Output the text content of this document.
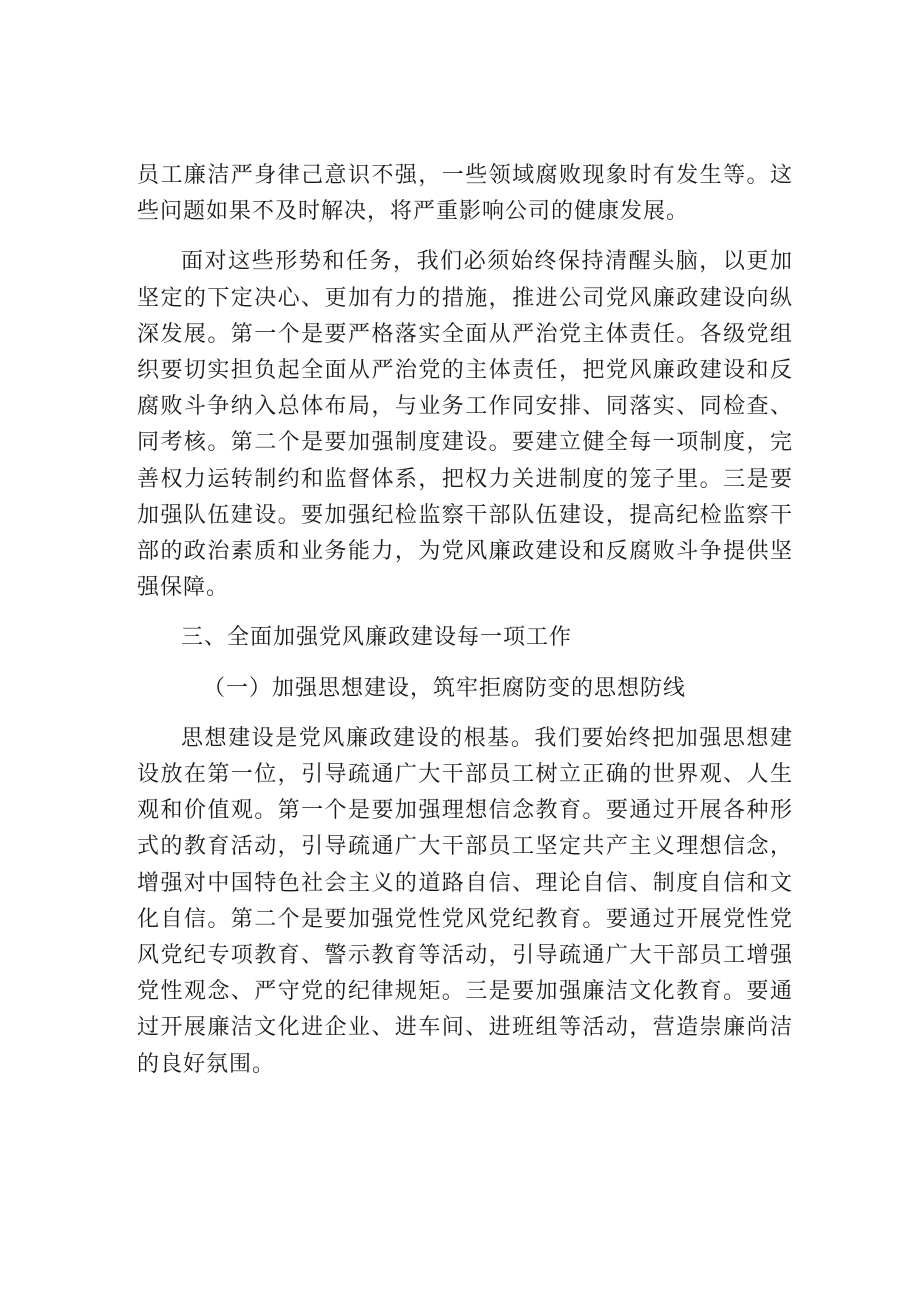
员工廉洁严身律己意识不强，一些领域腐败现象时有发生等。这些问题如果不及时解决，将严重影响公司的健康发展。

面对这些形势和任务，我们必须始终保持清醒头脑，以更加坚定的下定决心、更加有力的措施，推进公司党风廉政建设向纵深发展。第一个是要严格落实全面从严治党主体责任。各级党组织要切实担负起全面从严治党的主体责任，把党风廉政建设和反腐败斗争纳入总体布局，与业务工作同安排、同落实、同检查、同考核。第二个是要加强制度建设。要建立健全每一项制度，完善权力运转制约和监督体系，把权力关进制度的笼子里。三是要加强队伍建设。要加强纪检监察干部队伍建设，提高纪检监察干部的政治素质和业务能力，为党风廉政建设和反腐败斗争提供坚强保障。

三、全面加强党风廉政建设每一项工作

（一）加强思想建设，筑牢拒腐防变的思想防线

思想建设是党风廉政建设的根基。我们要始终把加强思想建设放在第一位，引导疏通广大干部员工树立正确的世界观、人生观和价值观。第一个是要加强理想信念教育。要通过开展各种形式的教育活动，引导疏通广大干部员工坚定共产主义理想信念，增强对中国特色社会主义的道路自信、理论自信、制度自信和文化自信。第二个是要加强党性党风党纪教育。要通过开展党性党风党纪专项教育、警示教育等活动，引导疏通广大干部员工增强党性观念、严守党的纪律规矩。三是要加强廉洁文化教育。要通过开展廉洁文化进企业、进车间、进班组等活动，营造崇廉尚洁的良好氛围。
